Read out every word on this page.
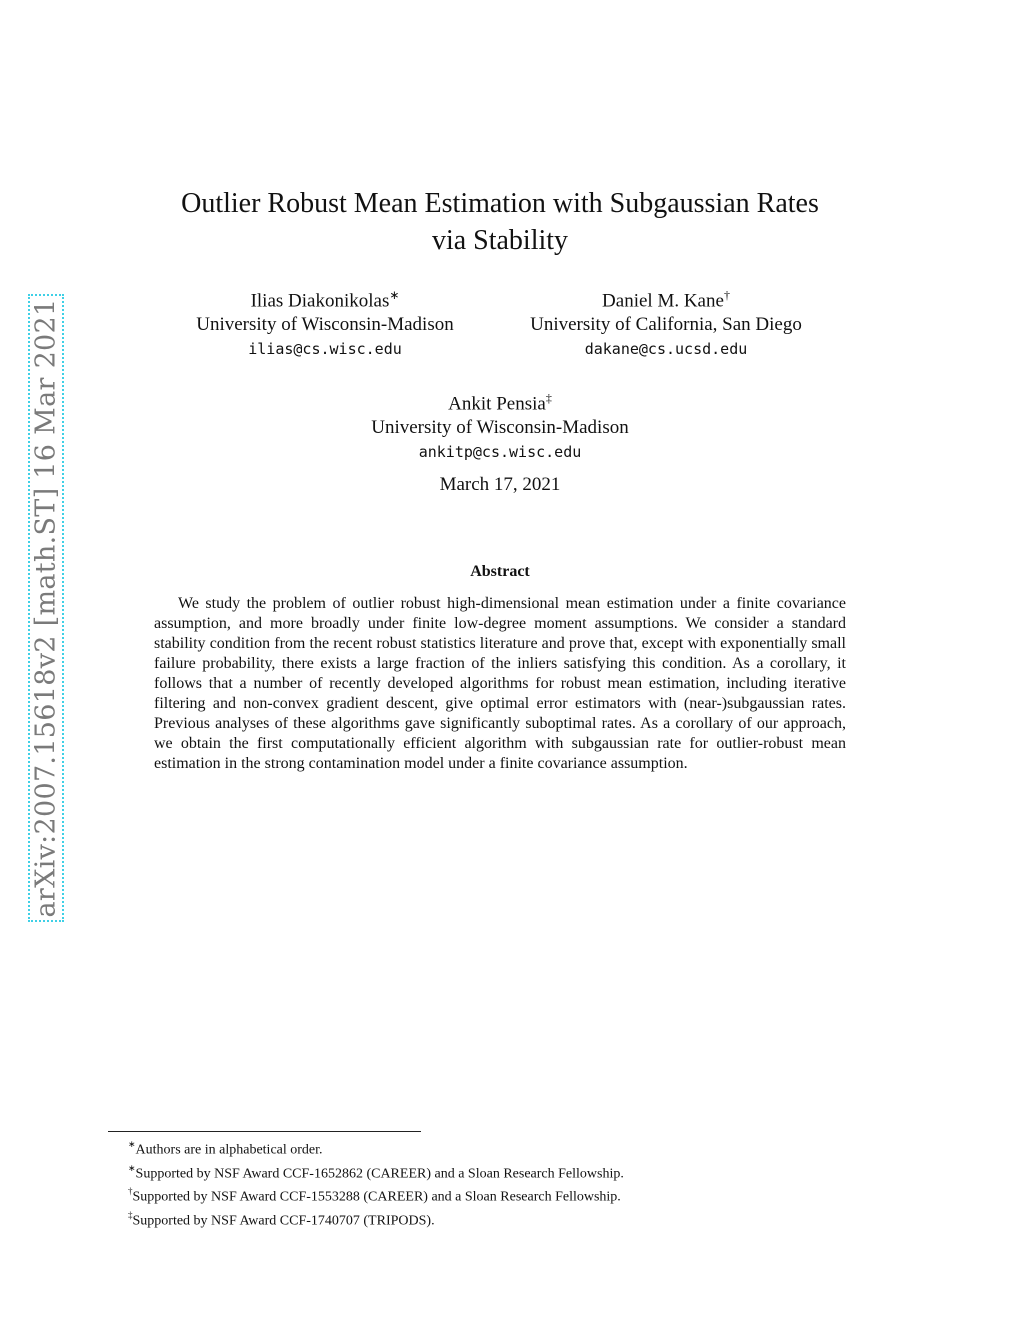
arXiv:2007.15618v2 [math.ST] 16 Mar 2021
Outlier Robust Mean Estimation with Subgaussian Rates
via Stability
Ilias Diakonikolas∗
University of Wisconsin-Madison
ilias@cs.wisc.edu
Daniel M. Kane†
University of California, San Diego
dakane@cs.ucsd.edu
Ankit Pensia‡
University of Wisconsin-Madison
ankitp@cs.wisc.edu
March 17, 2021
Abstract

We study the problem of outlier robust high-dimensional mean estimation under a finite covariance assumption, and more broadly under finite low-degree moment assumptions. We consider a standard stability condition from the recent robust statistics literature and prove that, except with exponentially small failure probability, there exists a large fraction of the inliers satisfying this condition. As a corollary, it follows that a number of recently developed algorithms for robust mean estimation, including iterative filtering and non-convex gradient descent, give optimal error estimators with (near-)subgaussian rates. Previous analyses of these algorithms gave significantly suboptimal rates. As a corollary of our approach, we obtain the first computationally efficient algorithm with subgaussian rate for outlier-robust mean estimation in the strong contamination model under a finite covariance assumption.

∗Authors are in alphabetical order.

∗Supported by NSF Award CCF-1652862 (CAREER) and a Sloan Research Fellowship.

†Supported by NSF Award CCF-1553288 (CAREER) and a Sloan Research Fellowship.

‡Supported by NSF Award CCF-1740707 (TRIPODS).
